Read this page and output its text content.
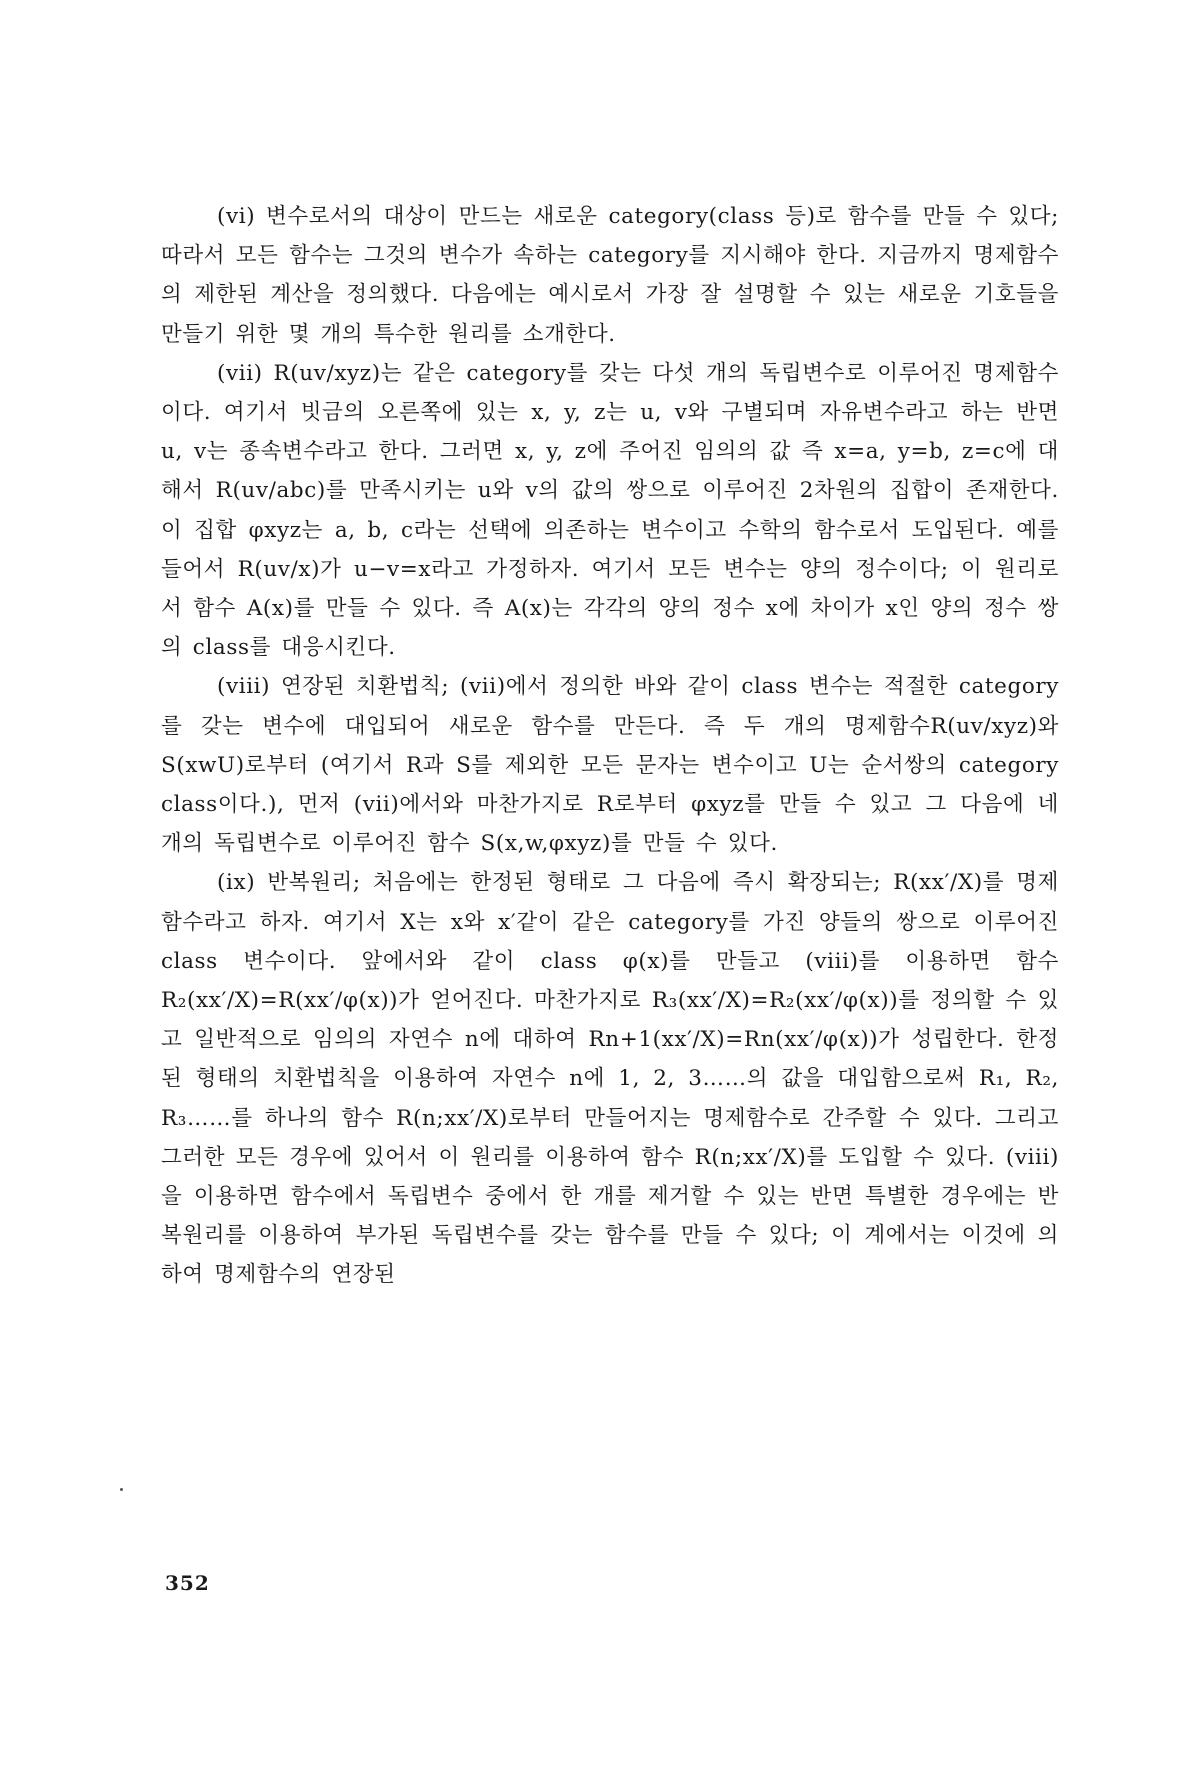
(vi) 변수로서의 대상이 만드는 새로운 category(class 등)로 함수를 만들 수 있다; 따라서 모든 함수는 그것의 변수가 속하는 category를 지시해야 한다. 지금까지 명제함수의 제한된 계산을 정의했다. 다음에는 예시로서 가장 잘 설명할 수 있는 새로운 기호들을 만들기 위한 몇 개의 특수한 원리를 소개한다.

(vii) R(uv/xyz)는 같은 category를 갖는 다섯 개의 독립변수로 이루어진 명제함수이다. 여기서 빗금의 오른쪽에 있는 x, y, z는 u, v와 구별되며 자유변수라고 하는 반면 u, v는 종속변수라고 한다. 그러면 x, y, z에 주어진 임의의 값 즉 x=a, y=b, z=c에 대해서 R(uv/abc)를 만족시키는 u와 v의 값의 쌍으로 이루어진 2차원의 집합이 존재한다. 이 집합 φxyz는 a, b, c라는 선택에 의존하는 변수이고 수학의 함수로서 도입된다. 예를 들어서 R(uv/x)가 u−v=x라고 가정하자. 여기서 모든 변수는 양의 정수이다; 이 원리로서 함수 A(x)를 만들 수 있다. 즉 A(x)는 각각의 양의 정수 x에 차이가 x인 양의 정수 쌍의 class를 대응시킨다.

(viii) 연장된 치환법칙; (vii)에서 정의한 바와 같이 class 변수는 적절한 category를 갖는 변수에 대입되어 새로운 함수를 만든다. 즉 두 개의 명제함수R(uv/xyz)와 S(xwU)로부터 (여기서 R과 S를 제외한 모든 문자는 변수이고 U는 순서쌍의 category class이다.), 먼저 (vii)에서와 마찬가지로 R로부터 φxyz를 만들 수 있고 그 다음에 네 개의 독립변수로 이루어진 함수 S(x,w,φxyz)를 만들 수 있다.

(ix) 반복원리; 처음에는 한정된 형태로 그 다음에 즉시 확장되는; R(xx′/X)를 명제함수라고 하자. 여기서 X는 x와 x′같이 같은 category를 가진 양들의 쌍으로 이루어진 class 변수이다. 앞에서와 같이 class φ(x)를 만들고 (viii)를 이용하면 함수R₂(xx′/X)=R(xx′/φ(x))가 얻어진다. 마찬가지로 R₃(xx′/X)=R₂(xx′/φ(x))를 정의할 수 있고 일반적으로 임의의 자연수 n에 대하여 Rn+1(xx′/X)=Rn(xx′/φ(x))가 성립한다. 한정된 형태의 치환법칙을 이용하여 자연수 n에 1, 2, 3……의 값을 대입함으로써 R₁, R₂, R₃……를 하나의 함수 R(n;xx′/X)로부터 만들어지는 명제함수로 간주할 수 있다. 그리고 그러한 모든 경우에 있어서 이 원리를 이용하여 함수 R(n;xx′/X)를 도입할 수 있다. (viii)을 이용하면 함수에서 독립변수 중에서 한 개를 제거할 수 있는 반면 특별한 경우에는 반복원리를 이용하여 부가된 독립변수를 갖는 함수를 만들 수 있다; 이 계에서는 이것에 의하여 명제함수의 연장된

352
